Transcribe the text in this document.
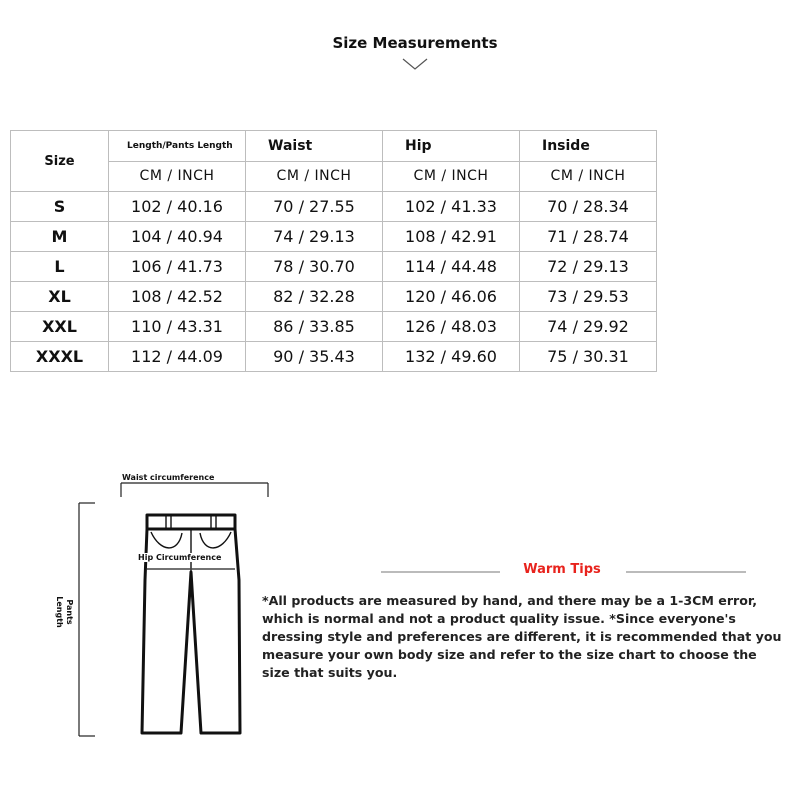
Size Measurements
Size	Length/Pants Length	Waist	Hip	Inside
	CM / INCH	CM / INCH	CM / INCH	CM / INCH
S	102 / 40.16	70 / 27.55	102 / 41.33	70 / 28.34
M	104 / 40.94	74 / 29.13	108 / 42.91	71 / 28.74
L	106 / 41.73	78 / 30.70	114 / 44.48	72 / 29.13
XL	108 / 42.52	82 / 32.28	120 / 46.06	73 / 29.53
XXL	110 / 43.31	86 / 33.85	126 / 48.03	74 / 29.92
XXXL	112 / 44.09	90 / 35.43	132 / 49.60	75 / 30.31
Waist circumference
Hip Circumference
Pants
Length
Warm Tips
*All products are measured by hand, and there may be a 1-3CM error, which is normal and not a product quality issue. *Since everyone's dressing style and preferences are different, it is recommended that you measure your own body size and refer to the size chart to choose the size that suits you.
